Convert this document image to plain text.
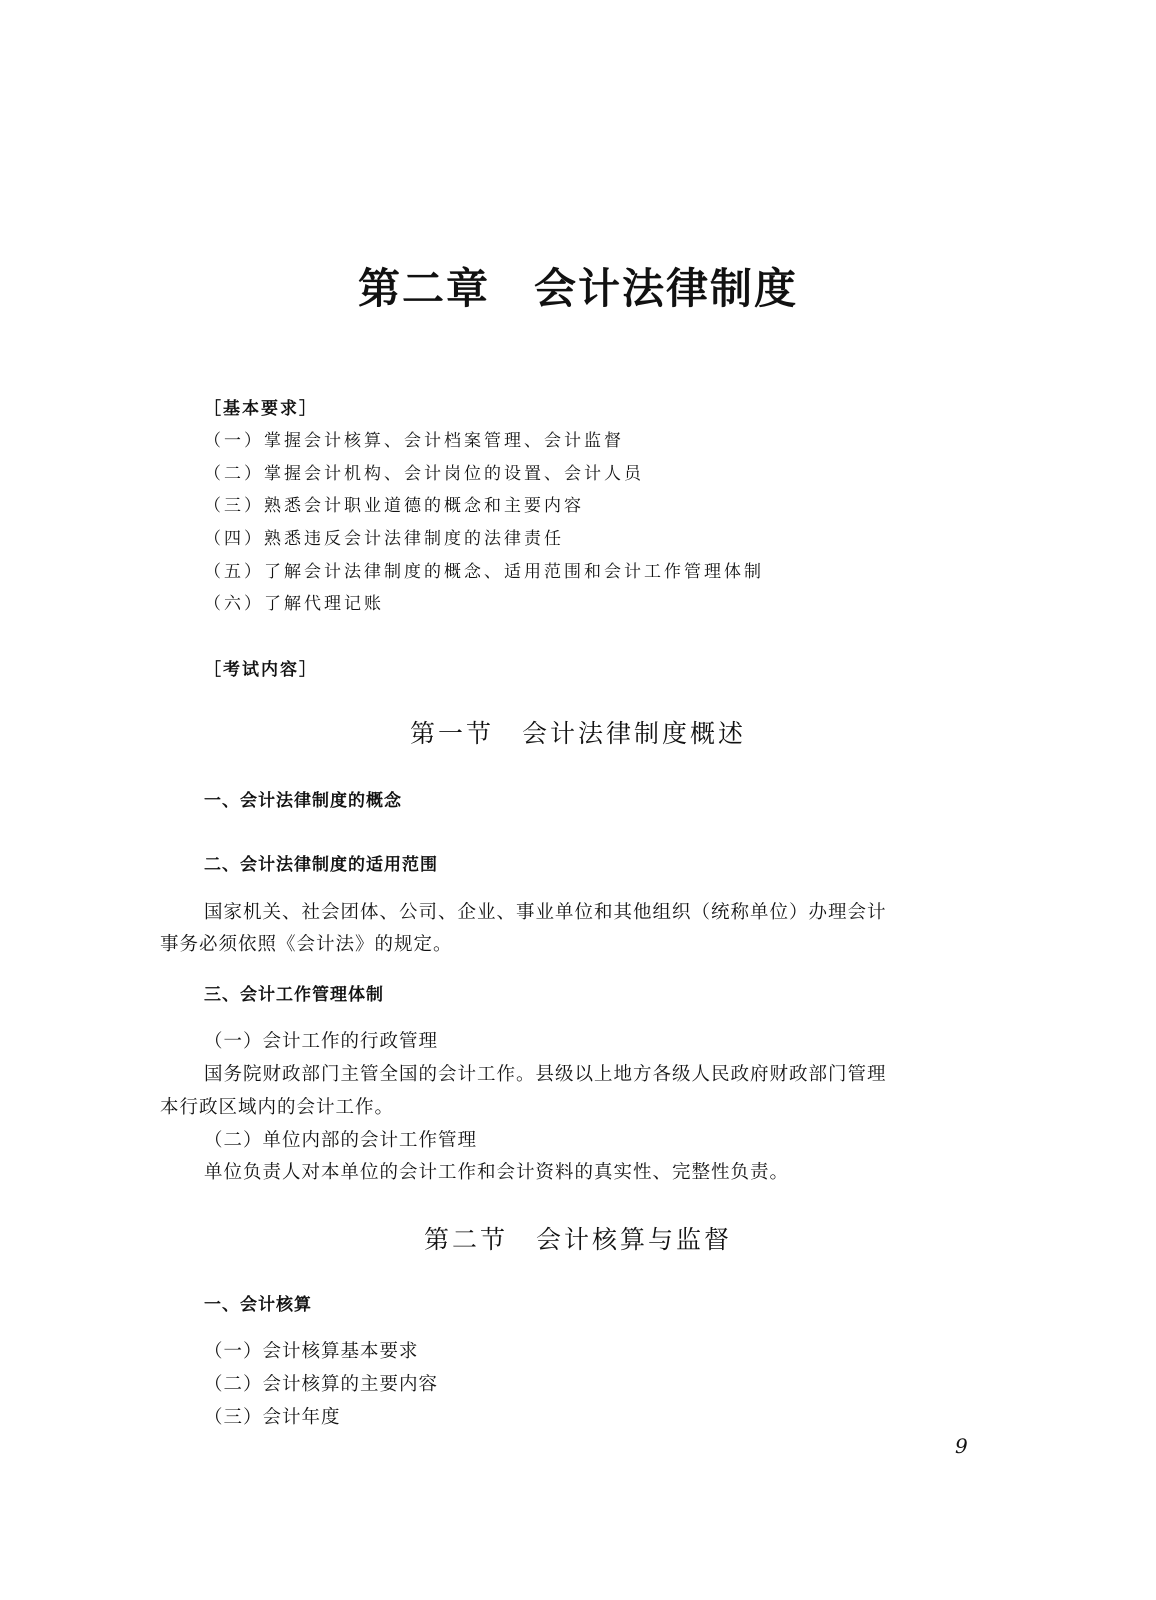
第二章　会计法律制度
［基本要求］
（一）掌握会计核算、会计档案管理、会计监督
（二）掌握会计机构、会计岗位的设置、会计人员
（三）熟悉会计职业道德的概念和主要内容
（四）熟悉违反会计法律制度的法律责任
（五）了解会计法律制度的概念、适用范围和会计工作管理体制
（六）了解代理记账
［考试内容］
第一节　会计法律制度概述
一、会计法律制度的概念
二、会计法律制度的适用范围
国家机关、社会团体、公司、企业、事业单位和其他组织（统称单位）办理会计
事务必须依照《会计法》的规定。
三、会计工作管理体制
（一）会计工作的行政管理
国务院财政部门主管全国的会计工作。县级以上地方各级人民政府财政部门管理
本行政区域内的会计工作。
（二）单位内部的会计工作管理
单位负责人对本单位的会计工作和会计资料的真实性、完整性负责。
第二节　会计核算与监督
一、会计核算
（一）会计核算基本要求
（二）会计核算的主要内容
（三）会计年度
9
